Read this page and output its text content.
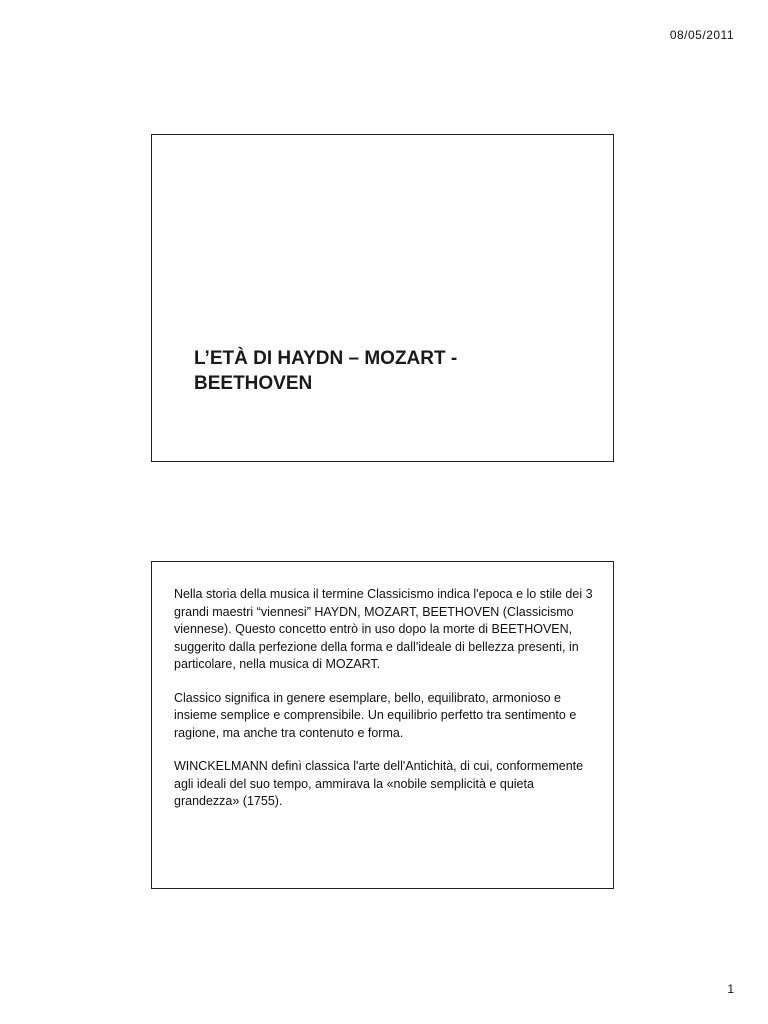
08/05/2011
L’ETÀ DI HAYDN – MOZART -
BEETHOVEN

Nella storia della musica il termine Classicismo indica l'epoca e lo stile dei 3 grandi maestri “viennesi” HAYDN, MOZART, BEETHOVEN (Classicismo viennese). Questo concetto entrò in uso dopo la morte di BEETHOVEN, suggerito dalla perfezione della forma e dall'ideale di bellezza presenti, in particolare, nella musica di MOZART.

Classico significa in genere esemplare, bello, equilibrato, armonioso e insieme semplice e comprensibile. Un equilibrio perfetto tra sentimento e ragione, ma anche tra contenuto e forma.

WINCKELMANN definì classica l'arte dell'Antichità, di cui, conformemente agli ideali del suo tempo, ammirava la «nobile semplicità e quieta grandezza» (1755).

1
